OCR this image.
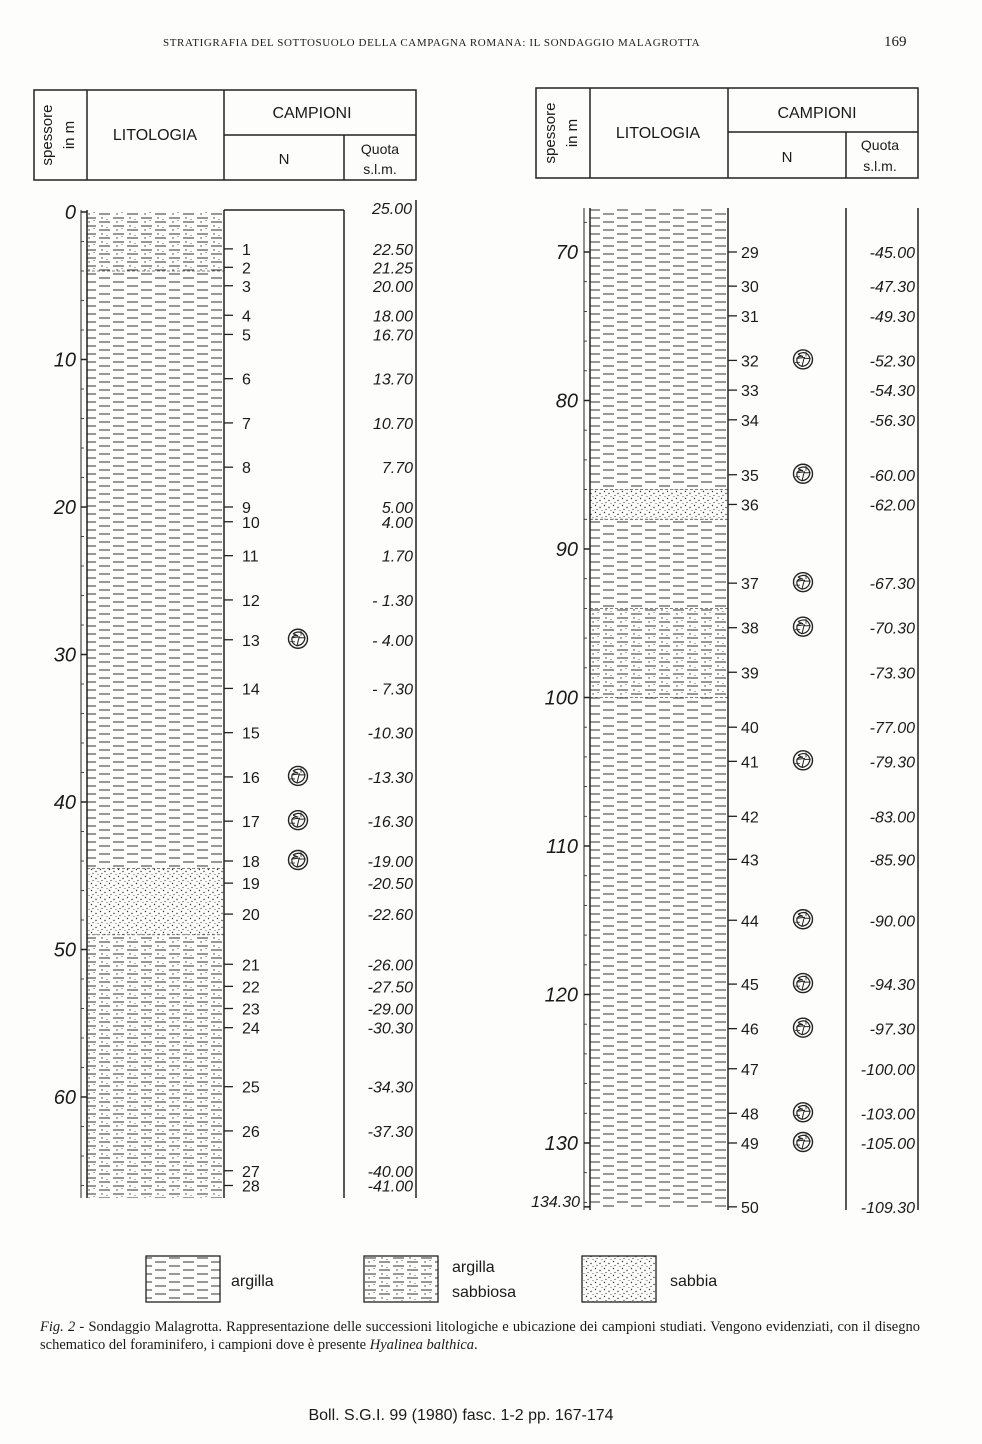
STRATIGRAFIA DEL SOTTOSUOLO DELLA CAMPAGNA ROMANA: IL SONDAGGIO MALAGROTTA	169
spessore in m LITOLOGIA
CAMPIONI
N
Quota
s.l.m.
spessore in m LITOLOGIA
CAMPIONI
N
Quota
s.l.m.
0
10
20
30
40
50
60
1	22.50
2	21.25
3	20.00
4	18.00
5	16.70
6	13.70
7	10.70
8	7.70
9	5.00
10	4.00
11	1.70
12	- 1.30
13	- 4.00
14	- 7.30
15	-10.30
16	-13.30
17	-16.30
18	-19.00
19	-20.50
20	-22.60
21	-26.00
22	-27.50
23	-29.00
24	-30.30
25	-34.30
26	-37.30
27	-40.00
28	-41.00
25.00
70
80
90
100
110
120
130
29	-45.00
30	-47.30
31	-49.30
32	-52.30
33	-54.30
34	-56.30
35	-60.00
36	-62.00
37	-67.30
38	-70.30
39	-73.30
40	-77.00
41	-79.30
42	-83.00
43	-85.90
44	-90.00
45	-94.30
46	-97.30
47	-100.00
48	-103.00
49	-105.00
50	-109.30
134.30
argilla
argilla
sabbiosa
sabbia
Fig. 2 - Sondaggio Malagrotta. Rappresentazione delle successioni litologiche e ubicazione dei campioni studiati. Vengono evidenziati, con il disegno schematico del foraminifero, i campioni dove è presente Hyalinea balthica.
Boll. S.G.I. 99 (1980) fasc. 1-2 pp. 167-174
